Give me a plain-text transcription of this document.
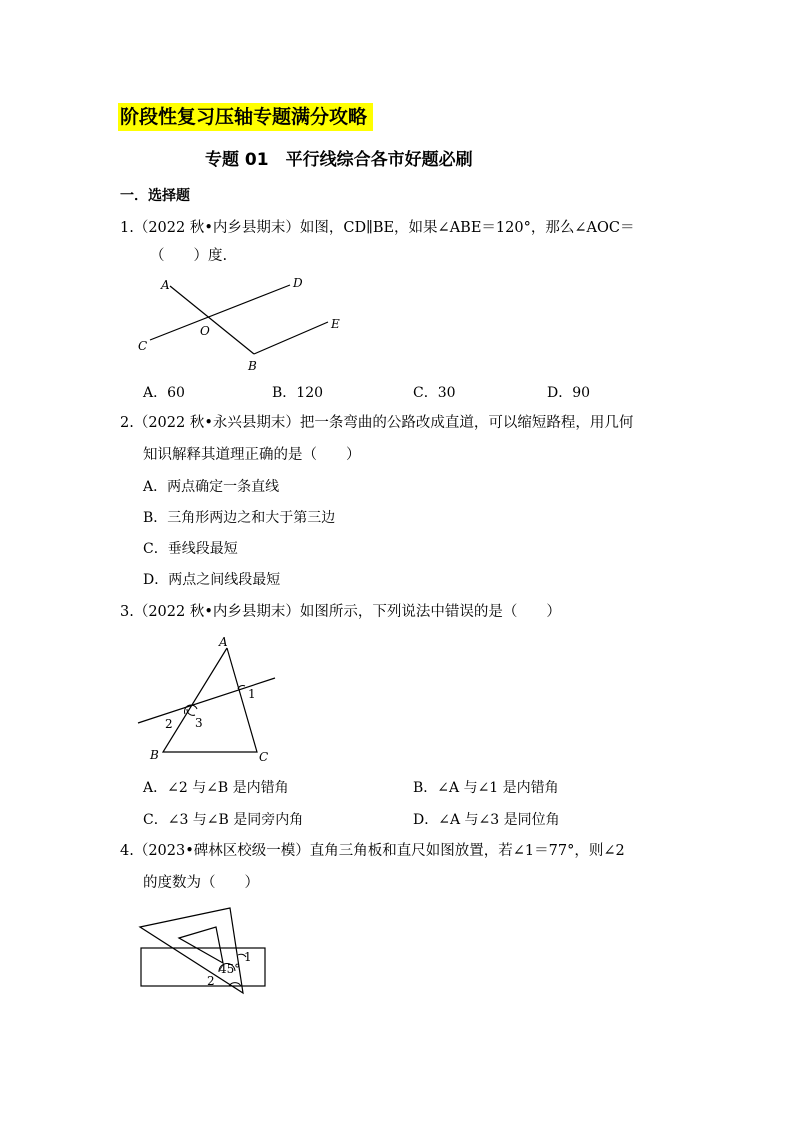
阶段性复习压轴专题满分攻略
专题 01　平行线综合各市好题必刷
一．选择题
1.（2022 秋•内乡县期末）如图，CD∥BE，如果∠ABE＝120°，那么∠AOC＝
（　　）度.
A	D
E
O
C
B
A．60	B．120	C．30	D．90
2.（2022 秋•永兴县期末）把一条弯曲的公路改成直道，可以缩短路程，用几何
知识解释其道理正确的是（　　）
A．两点确定一条直线
B．三角形两边之和大于第三边
C．垂线段最短
D．两点之间线段最短
3.（2022 秋•内乡县期末）如图所示，下列说法中错误的是（　　）
A
B	C
1
2 3
A．∠2 与∠B 是内错角	B．∠A 与∠1 是内错角
C．∠3 与∠B 是同旁内角	D．∠A 与∠3 是同位角
4.（2023•碑林区校级一模）直角三角板和直尺如图放置，若∠1＝77°，则∠2
的度数为（　　）
45°
1
2
